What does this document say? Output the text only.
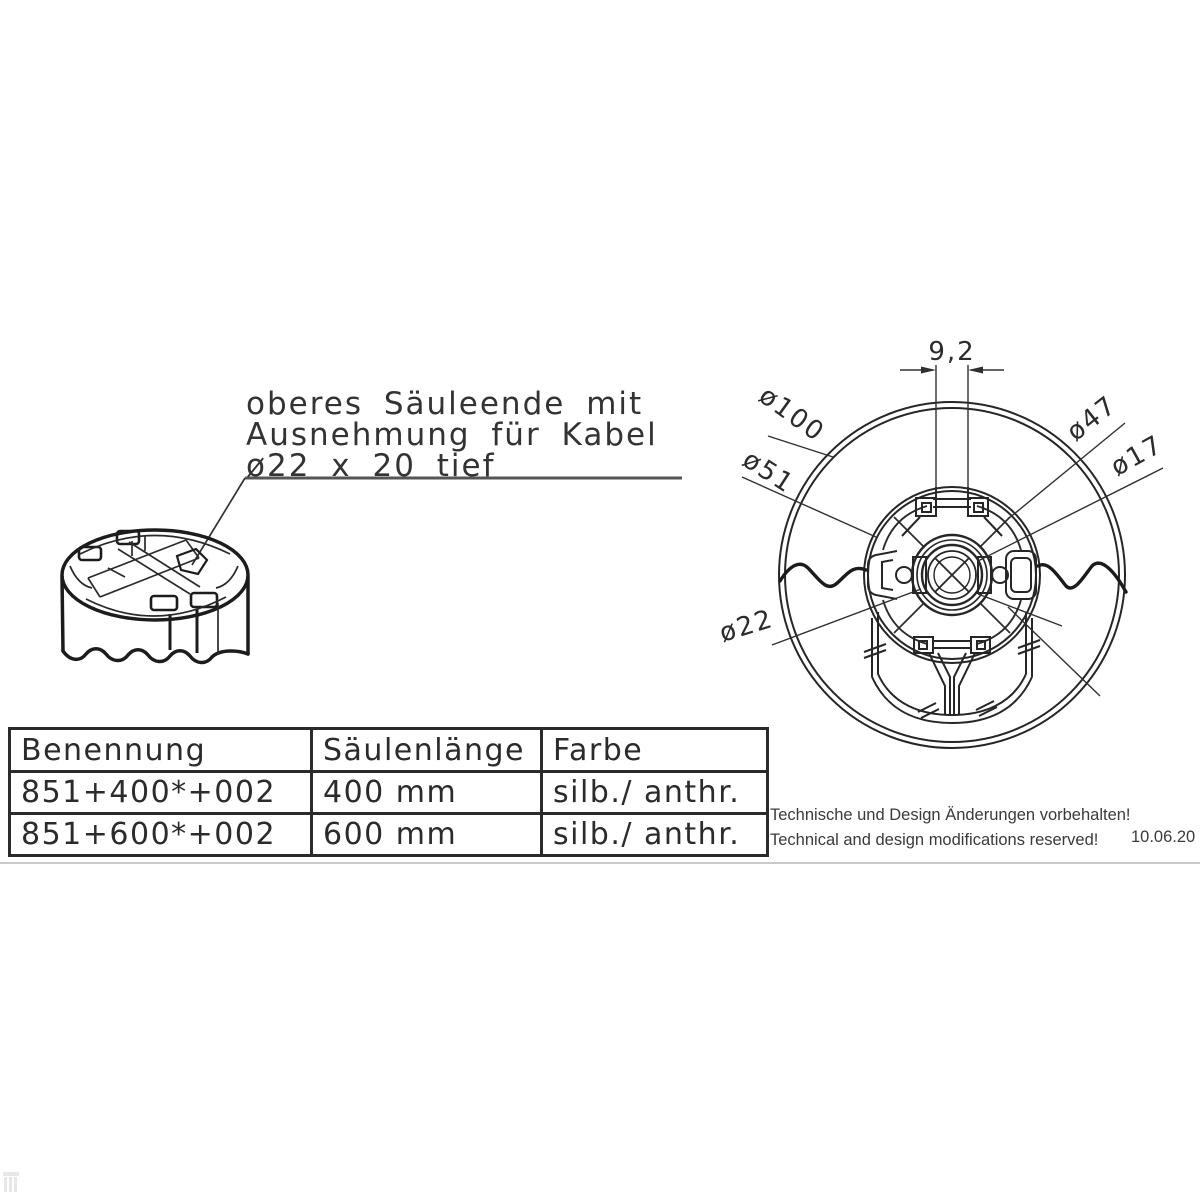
9,2
ø100
ø51
ø47
ø17
ø22
oberes Säuleende mit
Ausnehmung für Kabel
ø22 x 20 tief
Benennung	Säulenlänge	Farbe
851+400*+002	400 mm	silb./ anthr.
851+600*+002	600 mm	silb./ anthr.
Technische und Design Änderungen vorbehalten!
Technical and design modifications reserved!	10.06.20
